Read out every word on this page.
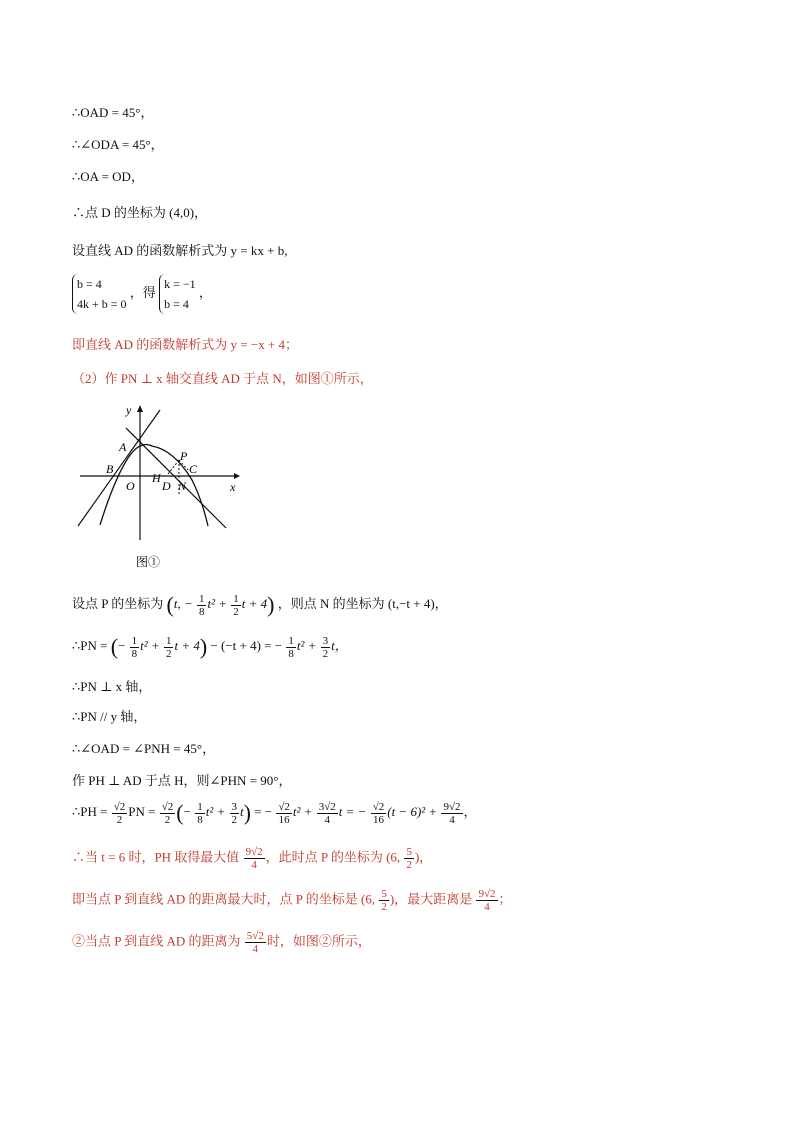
∴OAD = 45°，
∴∠ODA = 45°，
∴OA = OD，
∴点 D 的坐标为 (4,0)，
设直线 AD 的函数解析式为 y = kx + b,
b = 4
4k + b = 0 ，得 k = −1
b = 4 ，
即直线 AD 的函数解析式为 y = −x + 4；
（2）作 PN ⊥ x 轴交直线 AD 于点 N，如图①所示，
y
x
A
B
O
P
C
H
D N
图①
设点 P 的坐标为 (t, − $\frac{1}{8} t^2 + \frac{1}{2}$ t + 4) ，则点 N 的坐标为 (t,−t + 4)，
∴PN = (− $\frac{1}{8} t^2 + \frac{1}{2}$ t + 4) − (−t + 4) = − $\frac{1}{8} t^2 + \frac{3}{2}$ t，
∴PN ⊥ x 轴，
∴PN // y 轴，
∴∠OAD = ∠PNH = 45°，
作 PH ⊥ AD 于点 H，则∠PHN = 90°，
∴PH = $\frac{√2}{2}$ PN = $\frac{√2}{2}$ (− $\frac{1}{8} t^2 + \frac{3}{2} t$) = − $\frac{√2}{16} t^2 + \frac{3√2}{4}$ t = − $\frac{√2}{16} (t - 6)^2 + \frac{9√2}{4}$ ，
∴当 t = 6 时，PH 取得最大值 $\frac{9√2}{4}$ ，此时点 P 的坐标为 (6, $\frac{5}{2}$ )，
即当点 P 到直线 AD 的距离最大时，点 P 的坐标是 (6, $\frac{5}{2}$ )，最大距离是 $\frac{9√2}{4}$ ；
②当点 P 到直线 AD 的距离为 $\frac{5√2}{4}$ 时，如图②所示，
